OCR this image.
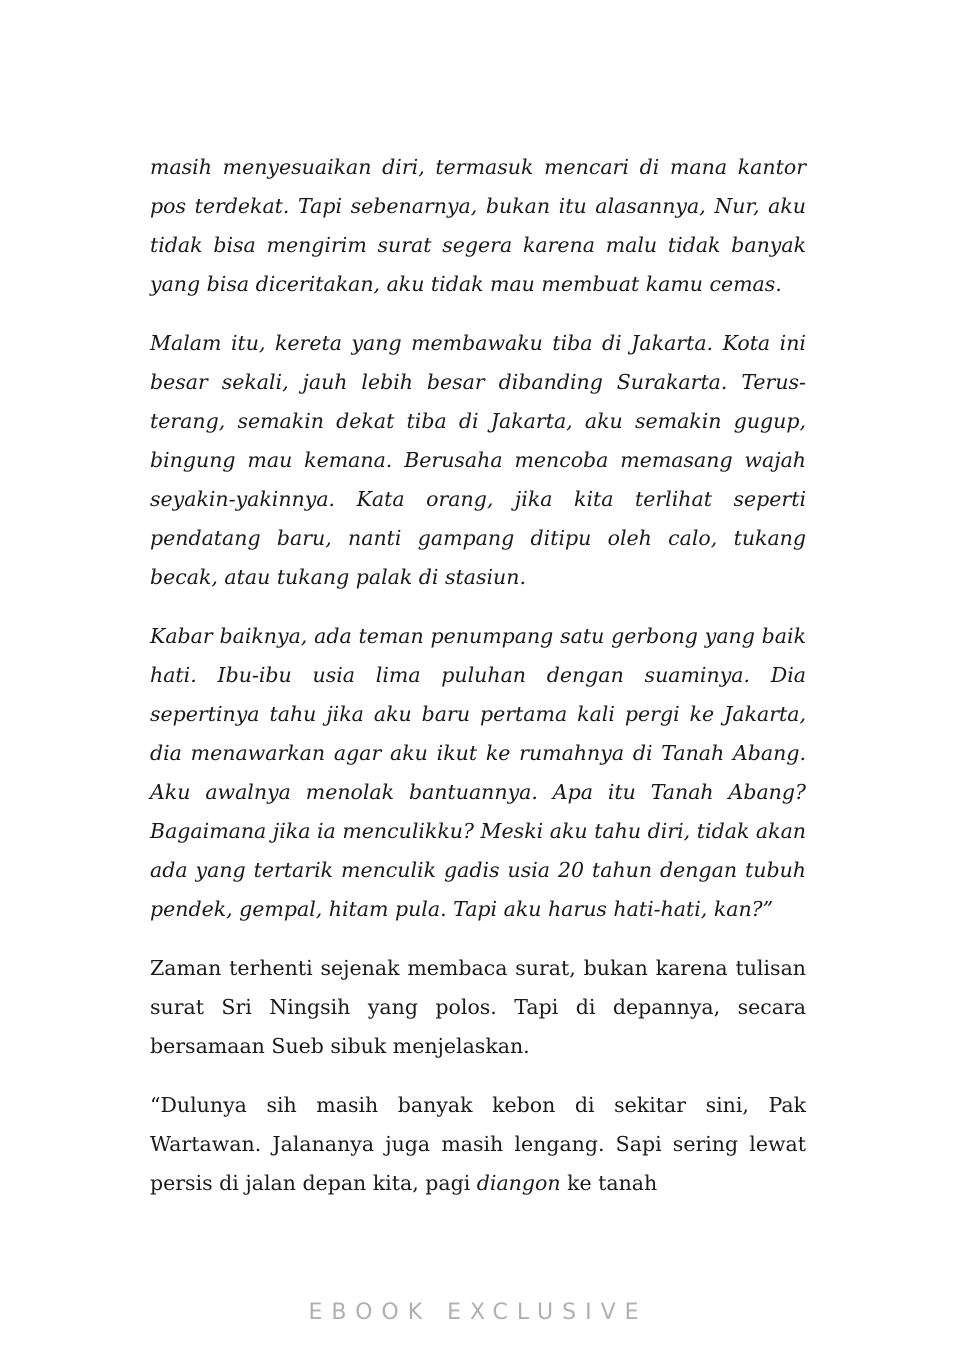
masih menyesuaikan diri, termasuk mencari di mana kantor pos terdekat. Tapi sebenarnya, bukan itu alasannya, Nur, aku tidak bisa mengirim surat segera karena malu tidak banyak yang bisa diceritakan, aku tidak mau membuat kamu cemas.

Malam itu, kereta yang membawaku tiba di Jakarta. Kota ini besar sekali, jauh lebih besar dibanding Surakarta. Terus-terang, semakin dekat tiba di Jakarta, aku semakin gugup, bingung mau kemana. Berusaha mencoba memasang wajah seyakin-yakinnya. Kata orang, jika kita terlihat seperti pendatang baru, nanti gampang ditipu oleh calo, tukang becak, atau tukang palak di stasiun.

Kabar baiknya, ada teman penumpang satu gerbong yang baik hati. Ibu-ibu usia lima puluhan dengan suaminya. Dia sepertinya tahu jika aku baru pertama kali pergi ke Jakarta, dia menawarkan agar aku ikut ke rumahnya di Tanah Abang. Aku awalnya menolak bantuannya. Apa itu Tanah Abang? Bagaimana jika ia menculikku? Meski aku tahu diri, tidak akan ada yang tertarik menculik gadis usia 20 tahun dengan tubuh pendek, gempal, hitam pula. Tapi aku harus hati-hati, kan?”

Zaman terhenti sejenak membaca surat, bukan karena tulisan surat Sri Ningsih yang polos. Tapi di depannya, secara bersamaan Sueb sibuk menjelaskan.

“Dulunya sih masih banyak kebon di sekitar sini, Pak Wartawan. Jalananya juga masih lengang. Sapi sering lewat persis di jalan depan kita, pagi diangon ke tanah

EBOOK EXCLUSIVE
